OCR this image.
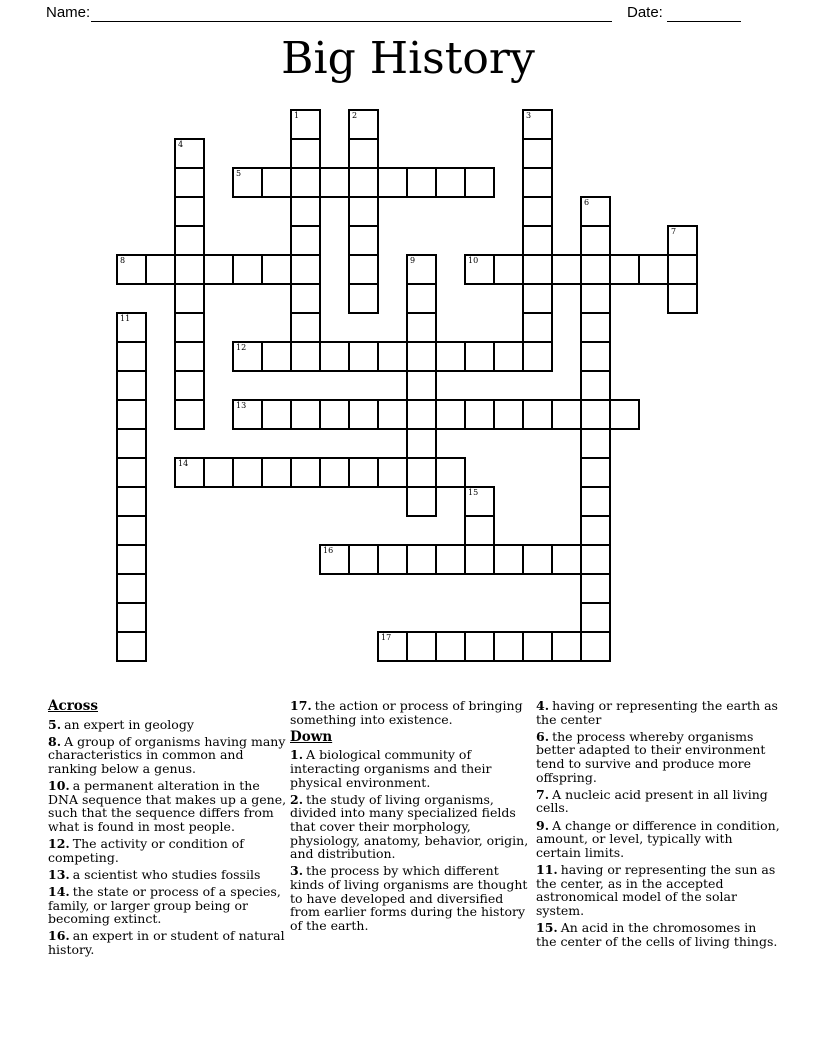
Name:	Date:
Big History
1	2	3
4
5
6
7
8	9	10
11
12
13
14
15
16
17
Across
5. an expert in geology
8. A group of organisms having many characteristics in common and ranking below a genus.
10. a permanent alteration in the DNA sequence that makes up a gene, such that the sequence differs from what is found in most people.
12. The activity or condition of competing.
13. a scientist who studies fossils
14. the state or process of a species, family, or larger group being or becoming extinct.
16. an expert in or student of natural history.
17. the action or process of bringing something into existence.
Down
1. A biological community of interacting organisms and their physical environment.
2. the study of living organisms, divided into many specialized fields that cover their morphology, physiology, anatomy, behavior, origin, and distribution.
3. the process by which different kinds of living organisms are thought to have developed and diversified from earlier forms during the history of the earth.
4. having or representing the earth as the center
6. the process whereby organisms better adapted to their environment tend to survive and produce more offspring.
7. A nucleic acid present in all living cells.
9. A change or difference in condition, amount, or level, typically with certain limits.
11. having or representing the sun as the center, as in the accepted astronomical model of the solar system.
15. An acid in the chromosomes in the center of the cells of living things.
